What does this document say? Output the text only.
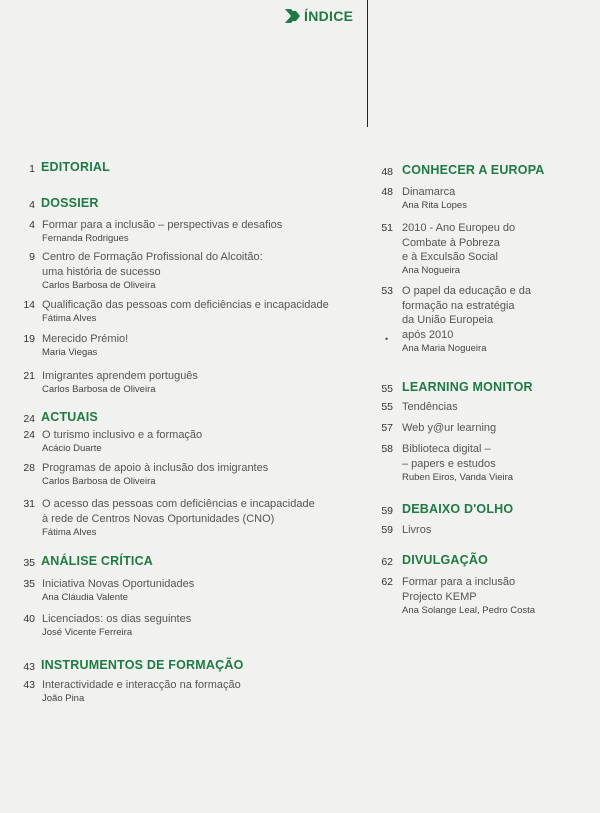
ÍNDICE
1 EDITORIAL
4 DOSSIER
4 Formar para a inclusão – perspectivas e desafios
Fernanda Rodrigues
9 Centro de Formação Profissional do Alcoitão:
uma história de sucesso
Carlos Barbosa de Oliveira
14 Qualificação das pessoas com deficiências e incapacidade
Fátima Alves
19 Merecido Prémio!
Maria Viegas
21 Imigrantes aprendem português
Carlos Barbosa de Oliveira
24 ACTUAIS
24 O turismo inclusivo e a formação
Acácio Duarte
28 Programas de apoio à inclusão dos imigrantes
Carlos Barbosa de Oliveira
31 O acesso das pessoas com deficiências e incapacidade
à rede de Centros Novas Oportunidades (CNO)
Fátima Alves
35 ANÁLISE CRÍTICA
35 Iniciativa Novas Oportunidades
Ana Cláudia Valente
40 Licenciados: os dias seguintes
José Vicente Ferreira
43 INSTRUMENTOS DE FORMAÇÃO
43 Interactividade e interacção na formação
João Pina
48 CONHECER A EUROPA
48 Dinamarca
Ana Rita Lopes
51 2010 - Ano Europeu do
Combate à Pobreza
e à Exculsão Social
Ana Nogueira
53 O papel da educação e da
formação na estratégia
da União Europeia
após 2010
•
Ana Maria Nogueira
55 LEARNING MONITOR
55 Tendências
57 Web y@ur learning
58 Biblioteca digital –
– papers e estudos
Ruben Eiros, Vanda Vieira
59 DEBAIXO D'OLHO
59 Livros
62 DIVULGAÇÃO
62 Formar para a inclusão
Projecto KEMP
Ana Solange Leal, Pedro Costa
